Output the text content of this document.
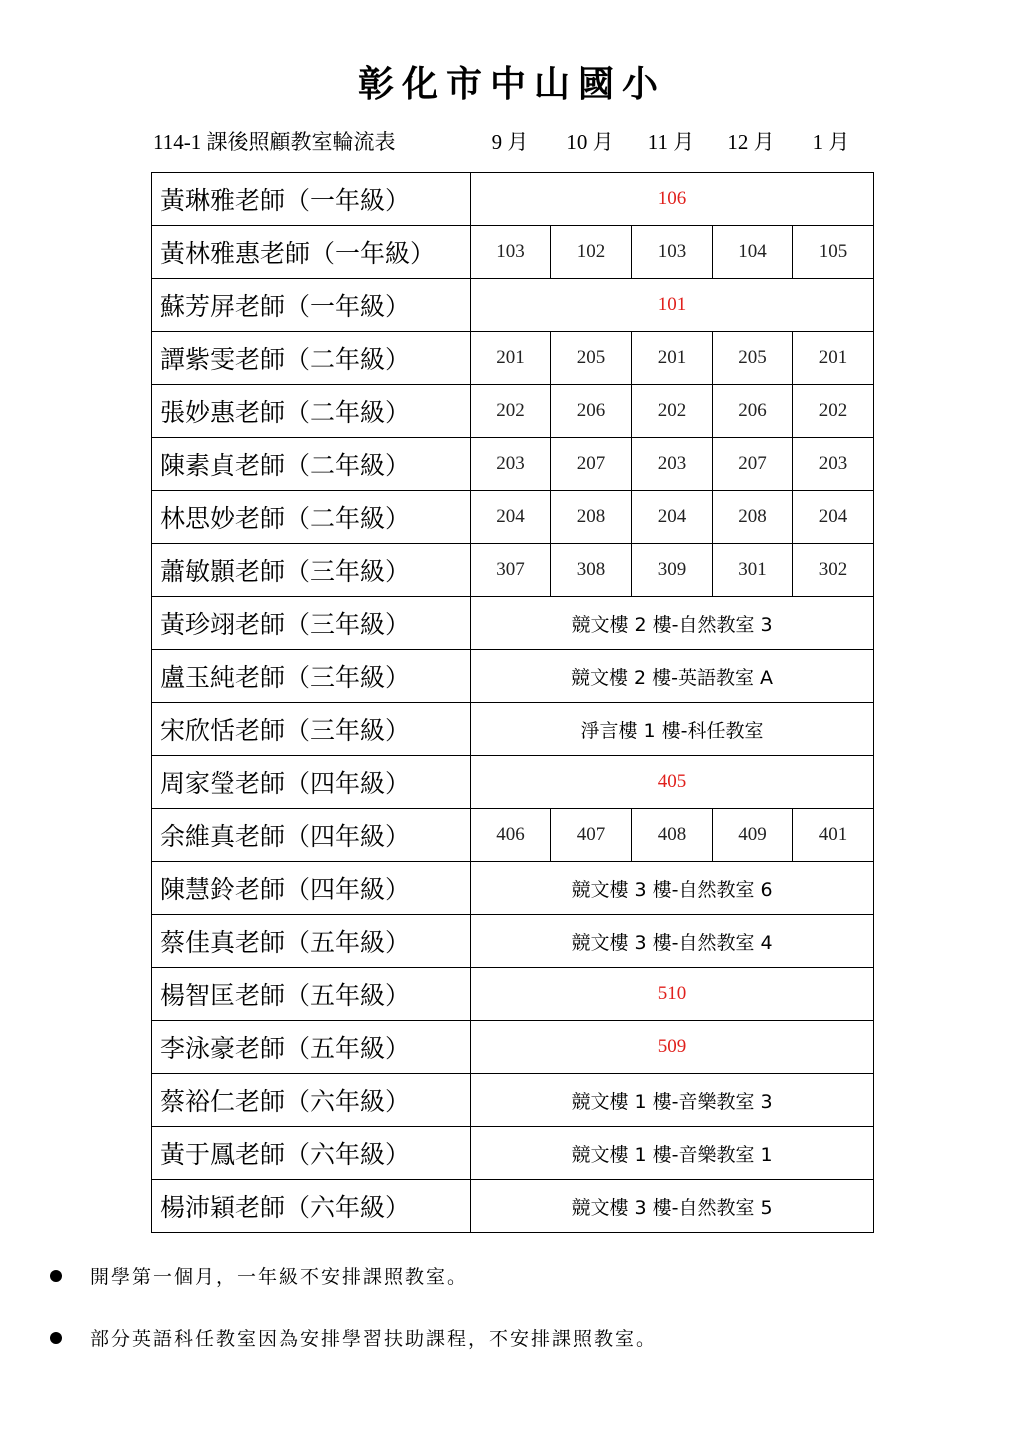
彰化市中山國小
114-1 課後照顧教室輪流表	9 月	10 月	11 月	12 月	1 月
黃琳雅老師（一年級）	106				
黃林雅惠老師（一年級）	103	102	103	104	105
蘇芳屏老師（一年級）	101				
譚紫雯老師（二年級）	201	205	201	205	201
張妙惠老師（二年級）	202	206	202	206	202
陳素貞老師（二年級）	203	207	203	207	203
林思妙老師（二年級）	204	208	204	208	204
蕭敏顥老師（三年級）	307	308	309	301	302
黃珍翊老師（三年級）	競文樓 2 樓-自然教室 3				
盧玉純老師（三年級）	競文樓 2 樓-英語教室 A				
宋欣恬老師（三年級）	淨言樓 1 樓-科任教室				
周家瑩老師（四年級）	405				
余維真老師（四年級）	406	407	408	409	401
陳慧鈴老師（四年級）	競文樓 3 樓-自然教室 6				
蔡佳真老師（五年級）	競文樓 3 樓-自然教室 4				
楊智匡老師（五年級）	510				
李泳豪老師（五年級）	509				
蔡裕仁老師（六年級）	競文樓 1 樓-音樂教室 3				
黃于鳳老師（六年級）	競文樓 1 樓-音樂教室 1				
楊沛穎老師（六年級）	競文樓 3 樓-自然教室 5				
開學第一個月，一年級不安排課照教室。
部分英語科任教室因為安排學習扶助課程，不安排課照教室。
